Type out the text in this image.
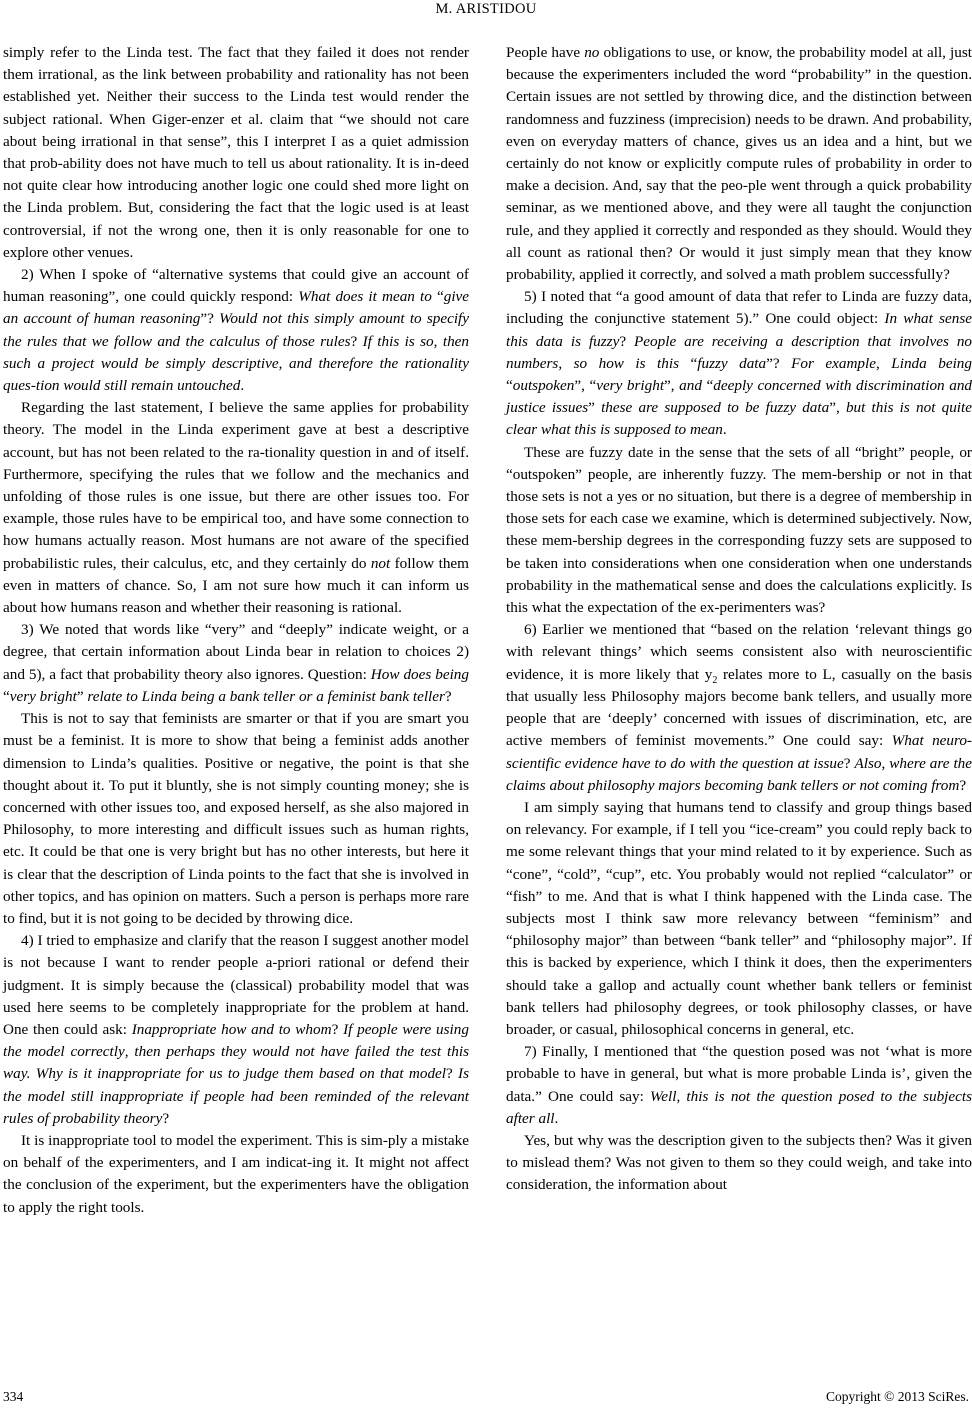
M. ARISTIDOU

simply refer to the Linda test. The fact that they failed it does not render them irrational, as the link between probability and rationality has not been established yet. Neither their success to the Linda test would render the subject rational. When Giger-enzer et al. claim that “we should not care about being irrational in that sense”, this I interpret I as a quiet admission that prob-ability does not have much to tell us about rationality. It is in-deed not quite clear how introducing another logic one could shed more light on the Linda problem. But, considering the fact that the logic used is at least controversial, if not the wrong one, then it is only reasonable for one to explore other venues.

2) When I spoke of “alternative systems that could give an account of human reasoning”, one could quickly respond: What does it mean to “give an account of human reasoning”? Would not this simply amount to specify the rules that we follow and the calculus of those rules? If this is so, then such a project would be simply descriptive, and therefore the rationality ques-tion would still remain untouched.

Regarding the last statement, I believe the same applies for probability theory. The model in the Linda experiment gave at best a descriptive account, but has not been related to the ra-tionality question in and of itself. Furthermore, specifying the rules that we follow and the mechanics and unfolding of those rules is one issue, but there are other issues too. For example, those rules have to be empirical too, and have some connection to how humans actually reason. Most humans are not aware of the specified probabilistic rules, their calculus, etc, and they certainly do not follow them even in matters of chance. So, I am not sure how much it can inform us about how humans reason and whether their reasoning is rational.

3) We noted that words like “very” and “deeply” indicate weight, or a degree, that certain information about Linda bear in relation to choices 2) and 5), a fact that probability theory also ignores. Question: How does being “very bright” relate to Linda being a bank teller or a feminist bank teller?

This is not to say that feminists are smarter or that if you are smart you must be a feminist. It is more to show that being a feminist adds another dimension to Linda’s qualities. Positive or negative, the point is that she thought about it. To put it bluntly, she is not simply counting money; she is concerned with other issues too, and exposed herself, as she also majored in Philosophy, to more interesting and difficult issues such as human rights, etc. It could be that one is very bright but has no other interests, but here it is clear that the description of Linda points to the fact that she is involved in other topics, and has opinion on matters. Such a person is perhaps more rare to find, but it is not going to be decided by throwing dice.

4) I tried to emphasize and clarify that the reason I suggest another model is not because I want to render people a-priori rational or defend their judgment. It is simply because the (classical) probability model that was used here seems to be completely inappropriate for the problem at hand. One then could ask: Inappropriate how and to whom? If people were using the model correctly, then perhaps they would not have failed the test this way. Why is it inappropriate for us to judge them based on that model? Is the model still inappropriate if people had been reminded of the relevant rules of probability theory?

It is inappropriate tool to model the experiment. This is sim-ply a mistake on behalf of the experimenters, and I am indicat-ing it. It might not affect the conclusion of the experiment, but the experimenters have the obligation to apply the right tools.

People have no obligations to use, or know, the probability model at all, just because the experimenters included the word “probability” in the question. Certain issues are not settled by throwing dice, and the distinction between randomness and fuzziness (imprecision) needs to be drawn. And probability, even on everyday matters of chance, gives us an idea and a hint, but we certainly do not know or explicitly compute rules of probability in order to make a decision. And, say that the peo-ple went through a quick probability seminar, as we mentioned above, and they were all taught the conjunction rule, and they applied it correctly and responded as they should. Would they all count as rational then? Or would it just simply mean that they know probability, applied it correctly, and solved a math problem successfully?

5) I noted that “a good amount of data that refer to Linda are fuzzy data, including the conjunctive statement 5).” One could object: In what sense this data is fuzzy? People are receiving a description that involves no numbers, so how is this “fuzzy data”? For example, Linda being “outspoken”, “very bright”, and “deeply concerned with discrimination and justice issues” these are supposed to be fuzzy data”, but this is not quite clear what this is supposed to mean.

These are fuzzy date in the sense that the sets of all “bright” people, or “outspoken” people, are inherently fuzzy. The mem-bership or not in that those sets is not a yes or no situation, but there is a degree of membership in those sets for each case we examine, which is determined subjectively. Now, these mem-bership degrees in the corresponding fuzzy sets are supposed to be taken into considerations when one consideration when one understands probability in the mathematical sense and does the calculations explicitly. Is this what the expectation of the ex-perimenters was?

6) Earlier we mentioned that “based on the relation ‘relevant things go with relevant things’ which seems consistent also with neuroscientific evidence, it is more likely that $y_2$ relates more to L, casually on the basis that usually less Philosophy majors become bank tellers, and usually more people that are ‘deeply’ concerned with issues of discrimination, etc, are active members of feminist movements.” One could say: What neuro-scientific evidence have to do with the question at issue? Also, where are the claims about philosophy majors becoming bank tellers or not coming from?

I am simply saying that humans tend to classify and group things based on relevancy. For example, if I tell you “ice-cream” you could reply back to me some relevant things that your mind related to it by experience. Such as “cone”, “cold”, “cup”, etc. You probably would not replied “calculator” or “fish” to me. And that is what I think happened with the Linda case. The subjects most I think saw more relevancy between “feminism” and “philosophy major” than between “bank teller” and “philosophy major”. If this is backed by experience, which I think it does, then the experimenters should take a gallop and actually count whether bank tellers or feminist bank tellers had philosophy degrees, or took philosophy classes, or have broader, or casual, philosophical concerns in general, etc.

7) Finally, I mentioned that “the question posed was not ‘what is more probable to have in general, but what is more probable Linda is’, given the data.” One could say: Well, this is not the question posed to the subjects after all.

Yes, but why was the description given to the subjects then? Was it given to mislead them? Was not given to them so they could weigh, and take into consideration, the information about

334	Copyright © 2013 SciRes.
